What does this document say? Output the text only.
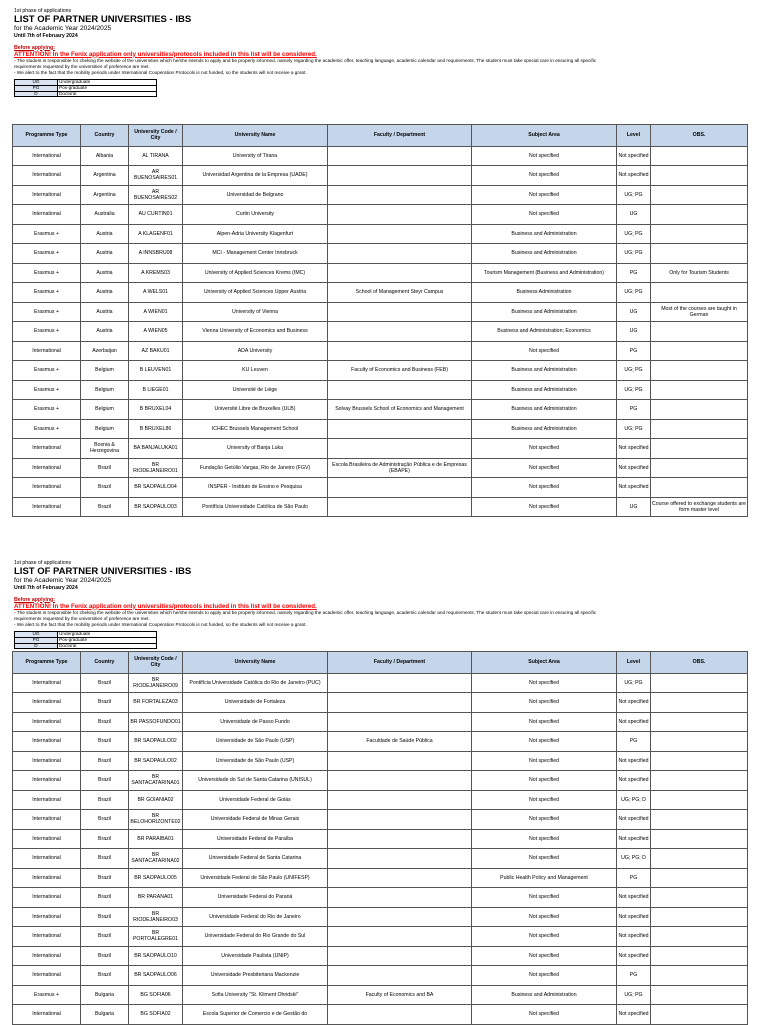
1st phase of applications
LIST OF PARTNER UNIVERSITIES - IBS
for the Academic Year 2024/2025
Until 7th of February 2024
Before applying:
ATTENTION! In the Fenix application only universities/protocols included in this list will be considered.
- The student is responsible for cheking the website of the universities which he/she intends to apply and be properly informed, namely regarding the academic offer, teaching language, academic calendar and requirements. The student must take special care in ensuring all specific requirements requested by the universities of preference are met.
- We alert to the fact that the mobility periods under International Cooperation Protocols is not funded, so the students will not receive a grant.
UG	Undergraduate
PG	Pós-graduate
D	Doctoral
Programme Type	Country	University Code / City	University Name	Faculty / Department	Subject Area	Level	OBS.
International	Albania	AL TIRANA	University of Tirana		Not specified	Not specified	
International	Argentina	AR BUENOSAIRES01	Universidad Argentina de la Empresa (UADE)		Not specified	Not specified	
International	Argentina	AR BUENOSAIRES02	Universidad de Belgrano		Not specified	UG; PG	
International	Australia	AU CURTIN01	Curtin University		Not specified	UG	
Erasmus +	Austria	A KLAGENF01	Alpen-Adria University Klagenfurt		Business and Administration	UG; PG	
Erasmus +	Austria	A INNSBRU08	MCI - Management Center Innsbruck		Business and Administration	UG; PG	
Erasmus +	Austria	A KREMS03	University of Applied Sciences Krems (IMC)		Tourism Management (Business and Administration)	PG	Only for Tourism Students
Erasmus +	Austria	A WELS01	University of Applied Sciences Upper Austria	School of Management Steyr Campus	Business Administration	UG; PG	
Erasmus +	Austria	A WIEN01	University of Vienna		Business and Administration	UG	Most of the courses are taught in German
Erasmus +	Austria	A WIEN05	Vienna University of Economics and Business		Business and Administration; Economics	UG	
International	Azerbaijan	AZ BAKU01	ADA University		Not specified	PG	
Erasmus +	Belgium	B LEUVEN01	KU Leuven	Faculty of Economics and Business (FEB)	Business and Administration	UG; PG	
Erasmus +	Belgium	B LIEGE01	Université de Liège		Business and Administration	UG; PG	
Erasmus +	Belgium	B BRUXEL04	Université Libre de Bruxelles (ULB)	Solvay Brussels School of Economics and Management	Business and Administration	PG	
Erasmus +	Belgium	B BRUXEL86	ICHEC Brussels Management School		Business and Administration	UG; PG	
International	Bosnia & Herzegovina	BA BANJALUKA01	University of Banja Luka		Not specified	Not specified	
International	Brazil	BR RIODEJANEIRO01	Fundação Getúlio Vargas, Rio de Janeiro (FGV)	Escola Brasileira de Administração Pública e de Empresas (EBAPE)	Not specified	Not specified	
International	Brazil	BR SAOPAULO04	INSPER - Instituto de Ensino e Pesquisa		Not specified	Not specified	
International	Brazil	BR SAOPAULO03	Pontifícia Universidade Católica de São Paulo		Not specified	UG	Course offered to exchange students are form master level
1st phase of applications
LIST OF PARTNER UNIVERSITIES - IBS
for the Academic Year 2024/2025
Until 7th of February 2024
Before applying:
ATTENTION! In the Fenix application only universities/protocols included in this list will be considered.
- The student is responsible for cheking the website of the universities which he/she intends to apply and be properly informed, namely regarding the academic offer, teaching language, academic calendar and requirements. The student must take special care in ensuring all specific requirements requested by the universities of preference are met.
- We alert to the fact that the mobility periods under International Cooperation Protocols is not funded, so the students will not receive a grant.
UG	Undergraduate
PG	Pós-graduate
D	Doctoral
Programme Type	Country	University Code / City	University Name	Faculty / Department	Subject Area	Level	OBS.
International	Brazil	BR RIODEJANEIRO09	Pontifícia Universidade Católica do Rio de Janeiro (PUC)		Not specified	UG; PG	
International	Brazil	BR FORTALEZA03	Universidade de Fortaleza		Not specified	Not specified	
International	Brazil	BR PASSOFUNDO01	Universidade de Passo Fundo		Not specified	Not specified	
International	Brazil	BR SAOPAULO02	Universidade de São Paulo (USP)	Faculdade de Saúde Pública	Not specified	PG	
International	Brazil	BR SAOPAULO02	Universidade de São Paulo (USP)		Not specified	Not specified	
International	Brazil	BR SANTACATARINA01	Universidade do Sul de Santa Catarina (UNISUL)		Not specified	Not specified	
International	Brazil	BR GOIANIA02	Universidade Federal de Goiás		Not specified	UG; PG; D	
International	Brazil	BR BELOHORIZONTE02	Universidade Federal de Minas Gerais		Not specified	Not specified	
International	Brazil	BR PARAIBA01	Universidade Federal de Paraíba		Not specified	Not specified	
International	Brazil	BR SANTACATARINA02	Universidade Federal de Santa Catarina		Not specified	UG; PG; D	
International	Brazil	BR SAOPAULO05	Universidade Federal de São Paulo (UNIFESP)		Public Health Policy and Management	PG	
International	Brazil	BR PARANA01	Universidade Federal do Paraná		Not specified	Not specified	
International	Brazil	BR RIODEJANEIRO03	Universidade Federal do Rio de Janeiro		Not specified	Not specified	
International	Brazil	BR PORTOALEGRE01	Universidade Federal do Rio Grande do Sul		Not specified	Not specified	
International	Brazil	BR SAOPAULO10	Universidade Paulista (UNIP)		Not specified	Not specified	
International	Brazil	BR SAOPAULO06	Universidade Presbiteriana Mackenzie		Not specified	PG	
Erasmus +	Bulgaria	BG SOFIA06	Sofia University "St. Kliment Ohridski"	Faculty of Economics and BA	Business and Administration	UG; PG	
International	Bulgaria	BG SOFIA02	Escola Superior de Comercio e de Gestão do		Not specified	Not specified	
